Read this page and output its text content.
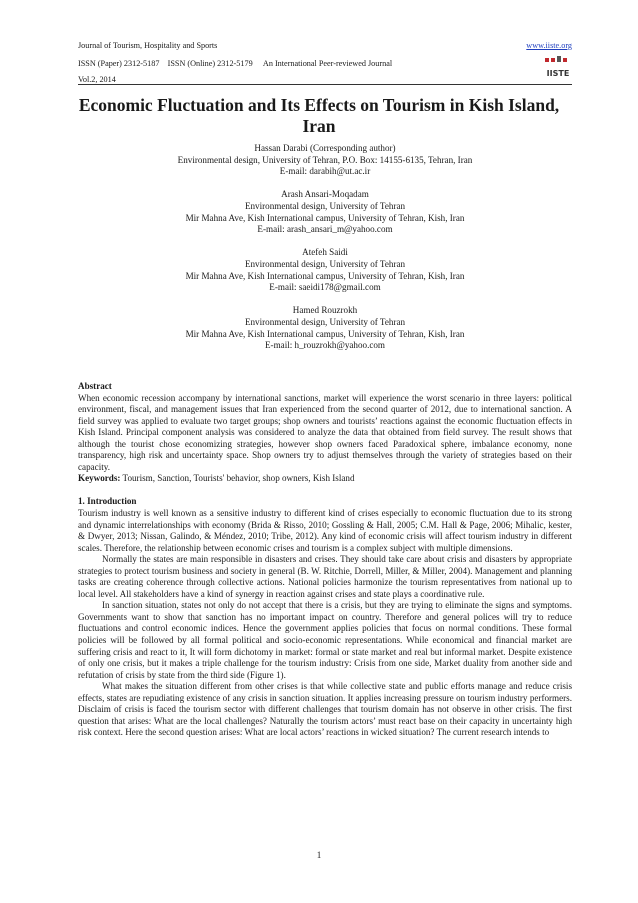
Journal of Tourism, Hospitality and Sports	www.iiste.org
ISSN (Paper) 2312-5187 ISSN (Online) 2312-5179 An International Peer-reviewed Journal
Vol.2, 2014
IISTE
Economic Fluctuation and Its Effects on Tourism in Kish Island, Iran
Hassan Darabi (Corresponding author)
Environmental design, University of Tehran, P.O. Box: 14155-6135, Tehran, Iran
E-mail: darabih@ut.ac.ir
Arash Ansari-Moqadam
Environmental design, University of Tehran
Mir Mahna Ave, Kish International campus, University of Tehran, Kish, Iran
E-mail: arash_ansari_m@yahoo.com
Atefeh Saidi
Environmental design, University of Tehran
Mir Mahna Ave, Kish International campus, University of Tehran, Kish, Iran
E-mail: saeidi178@gmail.com
Hamed Rouzrokh
Environmental design, University of Tehran
Mir Mahna Ave, Kish International campus, University of Tehran, Kish, Iran
E-mail: h_rouzrokh@yahoo.com

Abstract

When economic recession accompany by international sanctions, market will experience the worst scenario in three layers: political environment, fiscal, and management issues that Iran experienced from the second quarter of 2012, due to international sanction. A field survey was applied to evaluate two target groups; shop owners and tourists’ reactions against the economic fluctuation effects in Kish Island. Principal component analysis was considered to analyze the data that obtained from field survey. The result shows that although the tourist chose economizing strategies, however shop owners faced Paradoxical sphere, imbalance economy, none transparency, high risk and uncertainty space. Shop owners try to adjust themselves through the variety of strategies based on their capacity.

Keywords: Tourism, Sanction, Tourists' behavior, shop owners, Kish Island

1. Introduction

Tourism industry is well known as a sensitive industry to different kind of crises especially to economic fluctuation due to its strong and dynamic interrelationships with economy (Brida & Risso, 2010; Gossling & Hall, 2005; C.M. Hall & Page, 2006; Mihalic, kester, & Dwyer, 2013; Nissan, Galindo, & Méndez, 2010; Tribe, 2012). Any kind of economic crisis will affect tourism industry in different scales. Therefore, the relationship between economic crises and tourism is a complex subject with multiple dimensions.

Normally the states are main responsible in disasters and crises. They should take care about crisis and disasters by appropriate strategies to protect tourism business and society in general (B. W. Ritchie, Dorrell, Miller, & Miller, 2004). Management and planning tasks are creating coherence through collective actions. National policies harmonize the tourism representatives from national up to local level. All stakeholders have a kind of synergy in reaction against crises and state plays a coordinative rule.

In sanction situation, states not only do not accept that there is a crisis, but they are trying to eliminate the signs and symptoms. Governments want to show that sanction has no important impact on country. Therefore and general polices will try to reduce fluctuations and control economic indices. Hence the government applies policies that focus on normal conditions. These formal policies will be followed by all formal political and socio-economic representations. While economical and financial market are suffering crisis and react to it, It will form dichotomy in market: formal or state market and real but informal market. Despite existence of only one crisis, but it makes a triple challenge for the tourism industry: Crisis from one side, Market duality from another side and refutation of crisis by state from the third side (Figure 1).

What makes the situation different from other crises is that while collective state and public efforts manage and reduce crisis effects, states are repudiating existence of any crisis in sanction situation. It applies increasing pressure on tourism industry performers. Disclaim of crisis is faced the tourism sector with different challenges that tourism domain has not observe in other crisis. The first question that arises: What are the local challenges? Naturally the tourism actors’ must react base on their capacity in uncertainty high risk context. Here the second question arises: What are local actors’ reactions in wicked situation? The current research intends to

1
